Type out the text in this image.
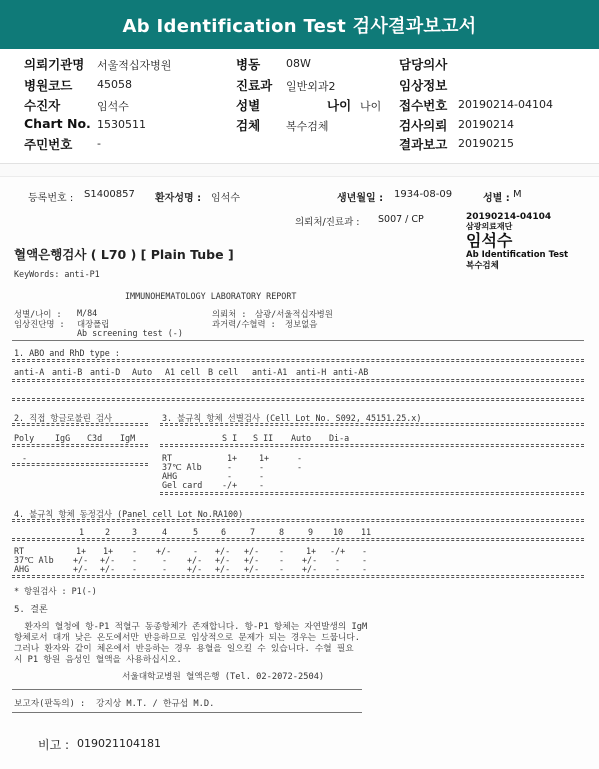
Ab Identification Test 검사결과보고서
의뢰기관명 서울적십자병원
병원코드 45058
수진자	임석수
Chart No. 1530511
주민번호 -
병동 08W
진료과 일반외과2
성별	나이 나이
검체 복수검체
담당의사
임상정보
접수번호 20190214-04104
검사의뢰 20190214
결과보고 20190215
등록번호 : S1400857 환자성명 : 임석수	생년월일 : 1934-08-09	성별 : M
의뢰처/진료과 : S007 / CP	20190214-04104
삼광의료재단
임석수
Ab Identification Test
복수검체
혈액은행검사 ( L70 ) [ Plain Tube ]
KeyWords: anti-P1
IMMUNOHEMATOLOGY LABORATORY REPORT
성별/나이 : M/84
임상진단명 : 대장폴립
Ab screening test (-)
의뢰처 : 삼광/서울적십자병원
과거력/수혈력 : 정보없음
1. ABO and RhD type :
anti-A anti-B anti-D Auto A1 cell B cell anti-A1 anti-H anti-AB
2. 직접 항글로불린 검사
Poly IgG C3d IgM
-
3. 불규칙 항체 선별검사 (Cell Lot No. S092, 45151.25.x)
S I S II Auto Di-a
RT	1+	1+	-
37℃ Alb	-	-	-
AHG	-	-
Gel card -/+	-
4. 불규칙 항체 동정검사 (Panel cell Lot No.RA100)
1 2	3	4	5	6	7	8	9 10 11
RT	1+ 1+ - +/-	- +/- +/- -	1+ -/+ -
37℃ Alb +/- +/- -	- +/- +/- +/- - +/- -	-
AHG	+/- +/- -	- +/- +/- +/- - +/- -	-
* 항원검사 : P1(-)
5. 결론
환자의 혈청에 항-P1 적혈구 동종항체가 존재합니다. 항-P1 항체는 자연발생의 IgM
항체로서 대개 낮은 온도에서만 반응하므로 임상적으로 문제가 되는 경우는 드뭅니다.
그러나 환자와 같이 체온에서 반응하는 경우 용혈을 일으킬 수 있습니다. 수혈 필요
시 P1 항원 음성인 혈액을 사용하십시오.
서울대학교병원 혈액은행 (Tel. 02-2072-2504)
보고자(판독의) : 강지상 M.T. / 한규섭 M.D.
비고 : 019021104181
